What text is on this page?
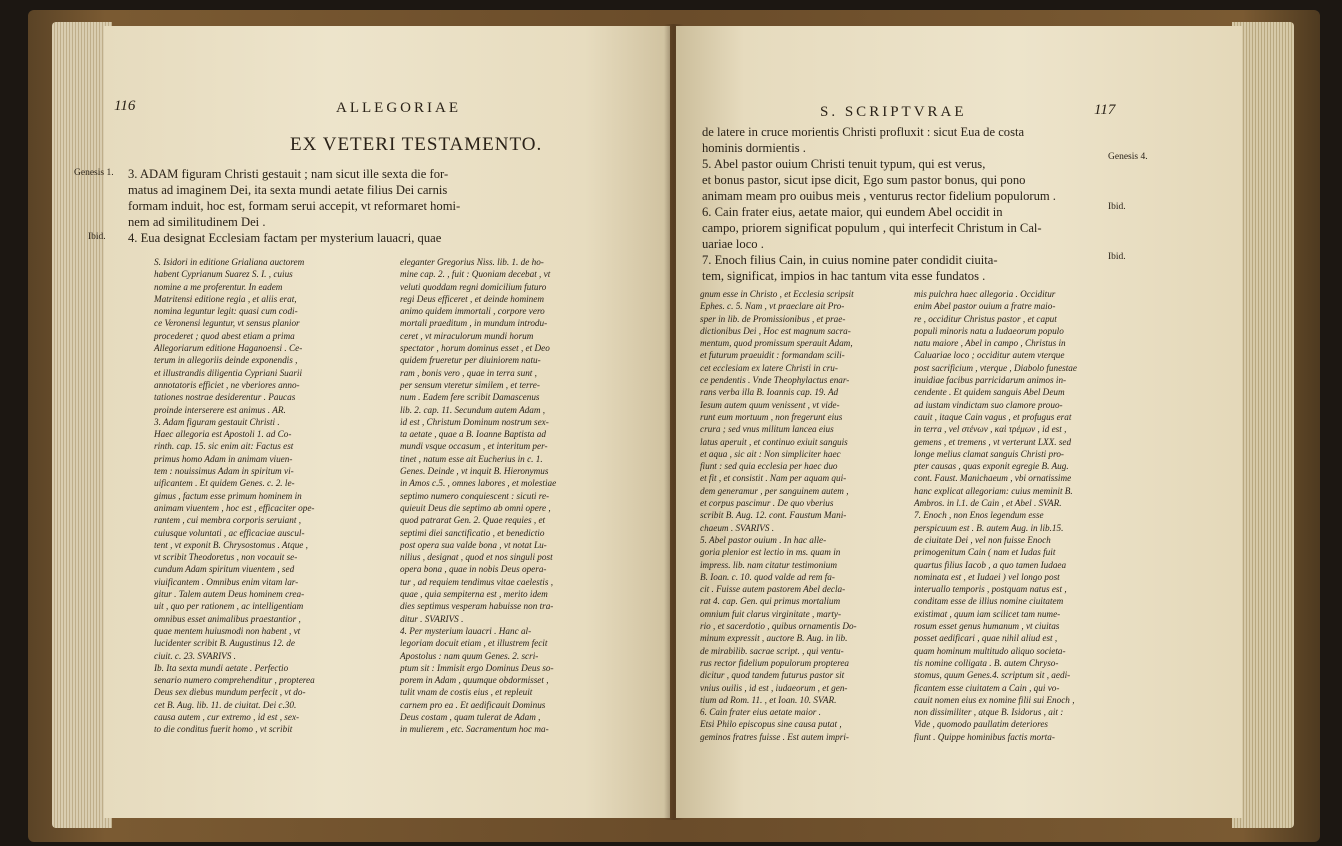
116	ALLEGORIAE
EX VETERI TESTAMENTO.
3. ADAM figuram Christi gestauit ; nam sicut ille sexta die for-
matus ad imaginem Dei, ita sexta mundi aetate filius Dei carnis
formam induit, hoc est, formam serui accepit, vt reformaret homi-
nem ad similitudinem Dei .
4. Eua designat Ecclesiam factam per mysterium lauacri, quae
S. Isidori in editione Grialiana auctorem
habent Cyprianum Suarez S. I. , cuius
nomine a me proferentur. In eadem
Matritensi editione regia , et aliis erat,
nomina leguntur legit: quasi cum codi-
ce Veronensi leguntur, vt sensus planior
procederet ; quod abest etiam a prima
Allegoriarum editione Haganoensi . Ce-
terum in allegoriis deinde exponendis ,
et illustrandis diligentia Cypriani Suarii
annotatoris efficiet , ne vberiores anno-
tationes nostrae desiderentur . Paucas
proinde interserere est animus . AR.
3. Adam figuram gestauit Christi .
Haec allegoria est Apostoli 1. ad Co-
rinth. cap. 15. sic enim ait: Factus est
primus homo Adam in animam viuen-
tem : nouissimus Adam in spiritum vi-
uificantem . Et quidem Genes. c. 2. le-
gimus , factum esse primum hominem in
animam viuentem , hoc est , efficaciter ope-
rantem , cui membra corporis seruiant ,
cuiusque voluntati , ac efficaciae auscul-
tent , vt exponit B. Chrysostomus . Atque ,
vt scribit Theodoretus , non vocauit se-
cundum Adam spiritum viuentem , sed
viuificantem . Omnibus enim vitam lar-
gitur . Talem autem Deus hominem crea-
uit , quo per rationem , ac intelligentiam
omnibus esset animalibus praestantior ,
quae mentem huiusmodi non habent , vt
lucidenter scribit B. Augustinus 12. de
ciuit. c. 23. SVARIVS .
Ib. Ita sexta mundi aetate . Perfectio
senario numero comprehenditur , propterea
Deus sex diebus mundum perfecit , vt do-
cet B. Aug. lib. 11. de ciuitat. Dei c.30.
causa autem , cur extremo , id est , sex-
to die conditus fuerit homo , vt scribit
eleganter Gregorius Niss. lib. 1. de ho-
mine cap. 2. , fuit : Quoniam decebat , vt
veluti quoddam regni domicilium futuro
regi Deus efficeret , et deinde hominem
animo quidem immortali , corpore vero
mortali praeditum , in mundum introdu-
ceret , vt miraculorum mundi horum
spectator , horum dominus esset , et Deo
quidem frueretur per diuiniorem natu-
ram , bonis vero , quae in terra sunt ,
per sensum vteretur similem , et terre-
num . Eadem fere scribit Damascenus
lib. 2. cap. 11. Secundum autem Adam ,
id est , Christum Dominum nostrum sex-
ta aetate , quae a B. Ioanne Baptista ad
mundi vsque occasum , et interitum per-
tinet , natum esse ait Eucherius in c. 1.
Genes. Deinde , vt inquit B. Hieronymus
in Amos c.5. , omnes labores , et molestiae
septimo numero conquiescent : sicuti re-
quieuit Deus die septimo ab omni opere ,
quod patrarat Gen. 2. Quae requies , et
septimi diei sanctificatio , et benedictio
post opera sua valde bona , vt notat Lu-
nilius , designat , quod et nos singuli post
opera bona , quae in nobis Deus opera-
tur , ad requiem tendimus vitae caelestis ,
quae , quia sempiterna est , merito idem
dies septimus vesperam habuisse non tra-
ditur . SVARIVS .
4. Per mysterium lauacri . Hanc al-
legoriam docuit etiam , et illustrem fecit
Apostolus : nam quum Genes. 2. scri-
ptum sit : Immisit ergo Dominus Deus so-
porem in Adam , quumque obdormisset ,
tulit vnam de costis eius , et repleuit
carnem pro ea . Et aedificauit Dominus
Deus costam , quam tulerat de Adam ,
in mulierem , etc. Sacramentum hoc ma-
Genesis 1.
Ibid.
S. SCRIPTVRAE	117
de latere in cruce morientis Christi profluxit : sicut Eua de costa
hominis dormientis .
5. Abel pastor ouium Christi tenuit typum, qui est verus,
et bonus pastor, sicut ipse dicit, Ego sum pastor bonus, qui pono
animam meam pro ouibus meis , venturus rector fidelium populorum .
6. Cain frater eius, aetate maior, qui eundem Abel occidit in
campo, priorem significat populum , qui interfecit Christum in Cal-
uariae loco .
7. Enoch filius Cain, in cuius nomine pater condidit ciuita-
tem, significat, impios in hac tantum vita esse fundatos .
gnum esse in Christo , et Ecclesia scripsit
Ephes. c. 5. Nam , vt praeclare ait Pro-
sper in lib. de Promissionibus , et prae-
dictionibus Dei , Hoc est magnum sacra-
mentum, quod promissum sperauit Adam,
et futurum praeuidit : formandam scili-
cet ecclesiam ex latere Christi in cru-
ce pendentis . Vnde Theophylactus enar-
rans verba illa B. Ioannis cap. 19. Ad
Iesum autem quum venissent , vt vide-
runt eum mortuum , non fregerunt eius
crura ; sed vnus militum lancea eius
latus aperuit , et continuo exiuit sanguis
et aqua , sic ait : Non simpliciter haec
fiunt : sed quia ecclesia per haec duo
et fit , et consistit . Nam per aquam qui-
dem generamur , per sanguinem autem ,
et corpus pascimur . De quo vberius
scribit B. Aug. 12. cont. Faustum Mani-
chaeum . SVARIVS .
5. Abel pastor ouium . In hac alle-
goria plenior est lectio in ms. quam in
impress. lib. nam citatur testimonium
B. Ioan. c. 10. quod valde ad rem fa-
cit . Fuisse autem pastorem Abel decla-
rat 4. cap. Gen. qui primus mortalium
omnium fuit clarus virginitate , marty-
rio , et sacerdotio , quibus ornamentis Do-
minum expressit , auctore B. Aug. in lib.
de mirabilib. sacrae script. , qui ventu-
rus rector fidelium populorum propterea
dicitur , quod tandem futurus pastor sit
vnius ouilis , id est , iudaeorum , et gen-
tium ad Rom. 11. , et Ioan. 10. SVAR.
6. Cain frater eius aetate maior .
Etsi Philo episcopus sine causa putat ,
geminos fratres fuisse . Est autem impri-
mis pulchra haec allegoria . Occiditur
enim Abel pastor ouium a fratre maio-
re , occiditur Christus pastor , et caput
populi minoris natu a Iudaeorum populo
natu maiore , Abel in campo , Christus in
Caluariae loco ; occiditur autem vterque
post sacrificium , vterque , Diabolo funestae
inuidiae facibus parricidarum animos in-
cendente . Et quidem sanguis Abel Deum
ad iustam vindictam suo clamore prouo-
cauit , itaque Cain vagus , et profugus erat
in terra , vel στένων , καὶ τρέμων , id est ,
gemens , et tremens , vt verterunt LXX. sed
longe melius clamat sanguis Christi pro-
pter causas , quas exponit egregie B. Aug.
cont. Faust. Manichaeum , vbi ornatissime
hanc explicat allegoriam: cuius meminit B.
Ambros. in l.1. de Cain , et Abel . SVAR.
7. Enoch , non Enos legendum esse
perspicuum est . B. autem Aug. in lib.15.
de ciuitate Dei , vel non fuisse Enoch
primogenitum Cain ( nam et Iudas fuit
quartus filius Iacob , a quo tamen Iudaea
nominata est , et Iudaei ) vel longo post
interuallo temporis , postquam natus est ,
conditam esse de illius nomine ciuitatem
existimat , quum iam scilicet tam nume-
rosum esset genus humanum , vt ciuitas
posset aedificari , quae nihil aliud est ,
quam hominum multitudo aliquo societa-
tis nomine colligata . B. autem Chryso-
stomus, quum Genes.4. scriptum sit , aedi-
ficantem esse ciuitatem a Cain , qui vo-
cauit nomen eius ex nomine filii sui Enoch ,
non dissimiliter , atque B. Isidorus , ait :
Vide , quomodo paullatim deteriores
fiunt . Quippe hominibus factis morta-
Genesis 4.
Ibid.
Ibid.
